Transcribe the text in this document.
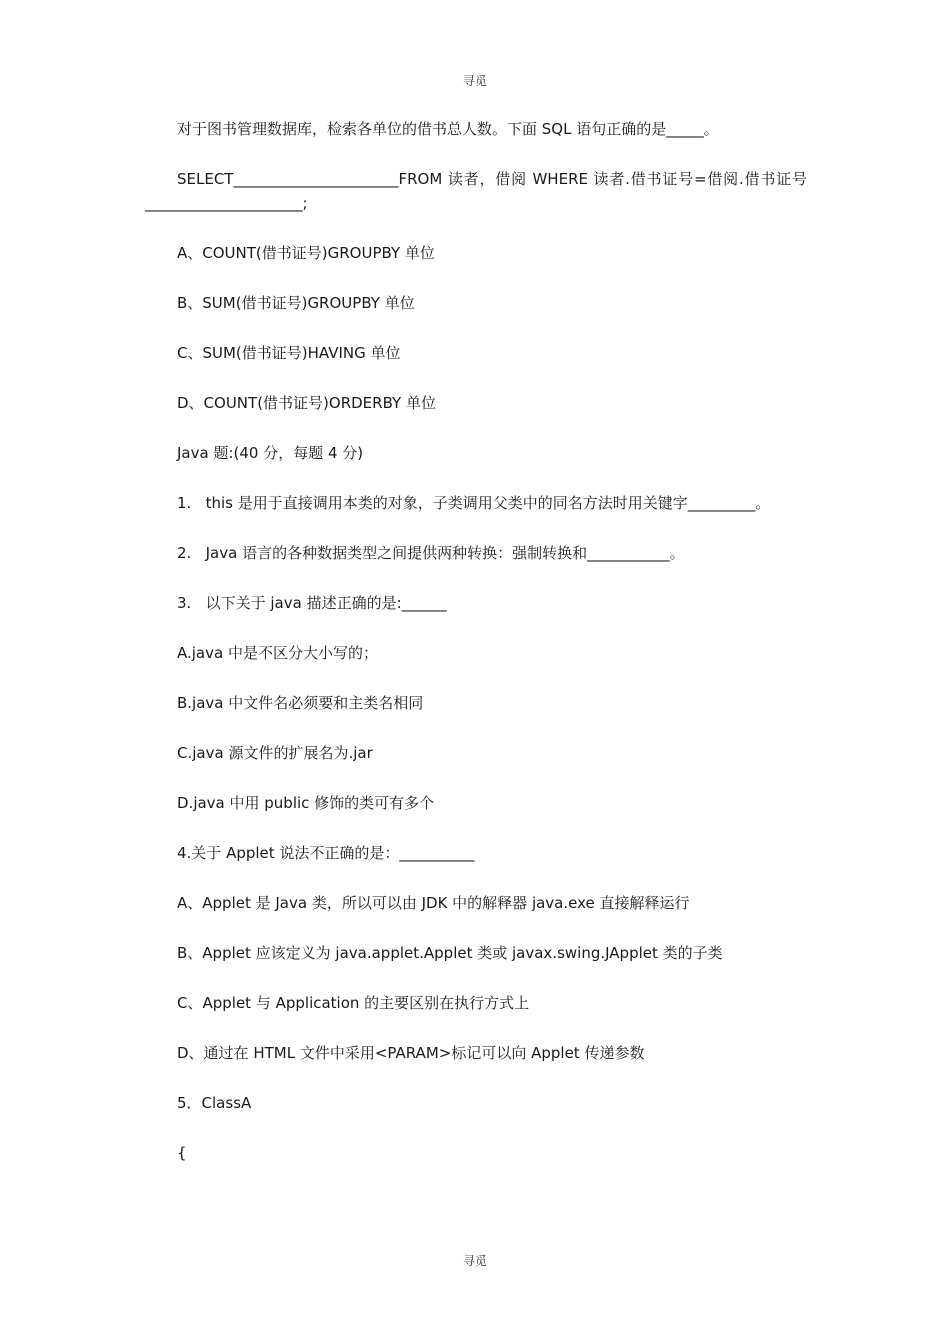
寻觅

对于图书管理数据库，检索各单位的借书总人数。下面 SQL 语句正确的是_____。

SELECT______________________FROM 读者，借阅 WHERE 读者.借书证号=借阅.借书证号_____________________;

A、COUNT(借书证号)GROUPBY 单位

B、SUM(借书证号)GROUPBY 单位

C、SUM(借书证号)HAVING 单位

D、COUNT(借书证号)ORDERBY 单位

Java 题:(40 分，每题 4 分)

1.   this 是用于直接调用本类的对象，子类调用父类中的同名方法时用关键字_________。

2.   Java 语言的各种数据类型之间提供两种转换：强制转换和___________。

3.   以下关于 java 描述正确的是:______

A.java 中是不区分大小写的；

B.java 中文件名必须要和主类名相同

C.java 源文件的扩展名为.jar

D.java 中用 public 修饰的类可有多个

4.关于 Applet 说法不正确的是：__________

A、Applet 是 Java 类，所以可以由 JDK 中的解释器 java.exe 直接解释运行

B、Applet 应该定义为 java.applet.Applet 类或 javax.swing.JApplet 类的子类

C、Applet 与 Application 的主要区别在执行方式上

D、通过在 HTML 文件中采用<PARAM>标记可以向 Applet 传递参数

5．ClassA

{

寻觅
